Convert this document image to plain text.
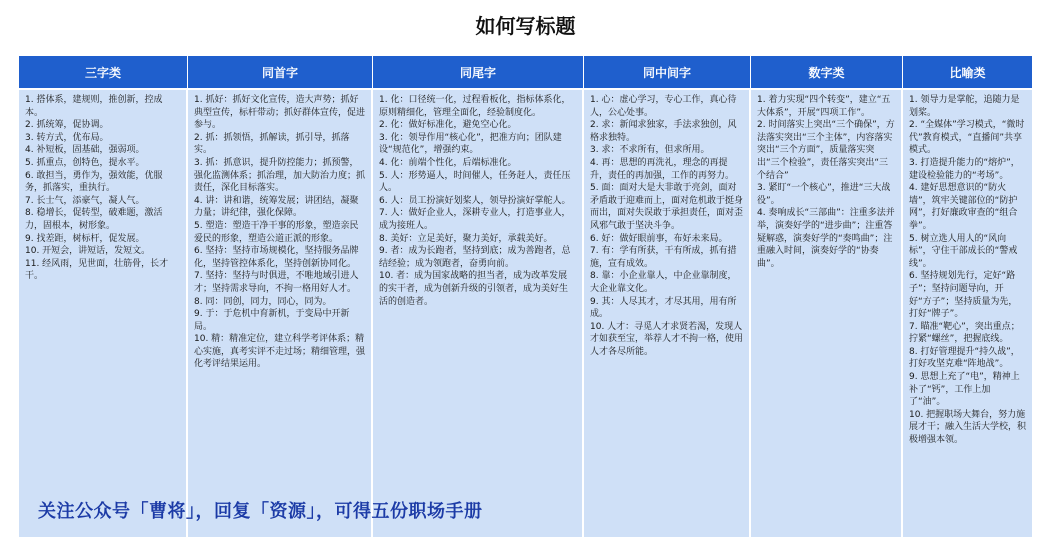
如何写标题
三字类

1. 搭体系，建规则，推创新，控成本。

2. 抓统筹，促协调。

3. 转方式，优布局。

4. 补短板，固基础，强弱项。

5. 抓重点，创特色，提水平。

6. 敢担当，勇作为，强效能，优服务，抓落实，重执行。

7. 长士气，添豪气，凝人气。

8. 稳增长，促转型，破难题，激活力，固根本，树形象。

9. 找差距，树标杆，促发展。

10. 开短会，讲短话，发短文。

11. 经风雨，见世面，壮筋骨，长才干。

同首字

1. 抓好：抓好文化宣传，造大声势；抓好典型宣传，标杆带动；抓好群体宣传，促进参与。

2. 抓：抓领悟，抓解读，抓引导，抓落实。

3. 抓：抓意识，提升防控能力；抓预警，强化监测体系；抓治理，加大防治力度；抓责任，深化目标落实。

4. 讲：讲和谐，统筹发展；讲团结，凝聚力量；讲纪律，强化保障。

5. 塑造：塑造干净干事的形象，塑造亲民爱民的形象，塑造公道正派的形象。

6. 坚持：坚持市场规模化，坚持服务品牌化，坚持管控体系化，坚持创新协同化。

7. 坚持：坚持与时俱进，不唯地域引进人才；坚持需求导向，不拘一格用好人才。

8. 同：同创，同力，同心，同为。

9. 于：于危机中育新机，于变局中开新局。

10. 精：精准定位，建立科学考评体系；精心实施，真考实评不走过场；精细管理，强化考评结果运用。

同尾字

1. 化：口径统一化，过程看板化，指标体系化，原则精细化，管理全面化，经验制度化。

2. 化：做好标准化，避免空心化。

3. 化：领导作用“核心化”，把准方向；团队建设“规范化”，增强约束。

4. 化：前端个性化，后端标准化。

5. 人：形势逼人，时间催人，任务赶人，责任压人。

6. 人：员工扮演好划桨人，领导扮演好掌舵人。

7. 人：做好企业人，深耕专业人，打造事业人，成为接班人。

8. 美好：立足美好，聚力美好，承载美好。

9. 者：成为长跑者，坚持到底；成为善跑者，总结经验；成为领跑者，奋勇向前。

10. 者：成为国家战略的担当者，成为改革发展的实干者，成为创新升级的引领者，成为美好生活的创造者。

同中间字

1. 心：虚心学习，专心工作，真心待人，公心处事。

2. 求：新闻求独家，手法求独创，风格求独特。

3. 求：不求所有，但求所用。

4. 再：思想的再洗礼，理念的再提升，责任的再加强，工作的再努力。

5. 面：面对大是大非敢于亮剑，面对矛盾敢于迎难而上，面对危机敢于挺身而出，面对失误敢于承担责任，面对歪风邪气敢于坚决斗争。

6. 好：做好眼前事，布好未来局。

7. 有：学有所获，干有所成，抓有措施，宣有成效。

8. 靠：小企业靠人，中企业靠制度，大企业靠文化。

9. 其：人尽其才，才尽其用，用有所成。

10. 人才：寻觅人才求贤若渴，发现人才如获至宝，举荐人才不拘一格，使用人才各尽所能。

数字类

1. 着力实现“四个转变”，建立“五大体系”，开展“四项工作”。

2. 时间落实上突出“三个确保”，方法落实突出“三个主体”，内容落实突出“三个方面”，质量落实突出“三个检验”，责任落实突出“三个结合”

3. 紧盯“一个核心”，推进“三大战役”。

4. 奏响成长“三部曲”：注重多法并举，演奏好学的“进步曲”；注重答疑解惑，演奏好学的“奏鸣曲”；注重融入时间，演奏好学的“协奏曲”。

比喻类

1. 领导力是掌舵，追随力是划桨。

2. “全媒体”学习模式，“微时代”教育模式，“直播间”共享模式。

3. 打造提升能力的“熔炉”，建设检验能力的“考场”。

4. 建好思想意识的“防火墙”，筑牢关键部位的“防护网”，打好廉政审查的“组合拳”。

5. 树立选人用人的“风向标”，守住干部成长的“警戒线”。

6. 坚持规划先行，定好“路子”；坚持问题导向，开好“方子”；坚持质量为先，打好“牌子”。

7. 瞄准“靶心”，突出重点；拧紧“螺丝”，把握底线。

8. 打好管理提升“持久战”，打好攻坚克难“阵地战”。

9. 思想上充了“电”，精神上补了“钙”，工作上加了“油”。

10. 把握职场大舞台，努力施展才干；融入生活大学校，积极增强本领。

关注公众号「曹将」，回复「资源」，可得五份职场手册
